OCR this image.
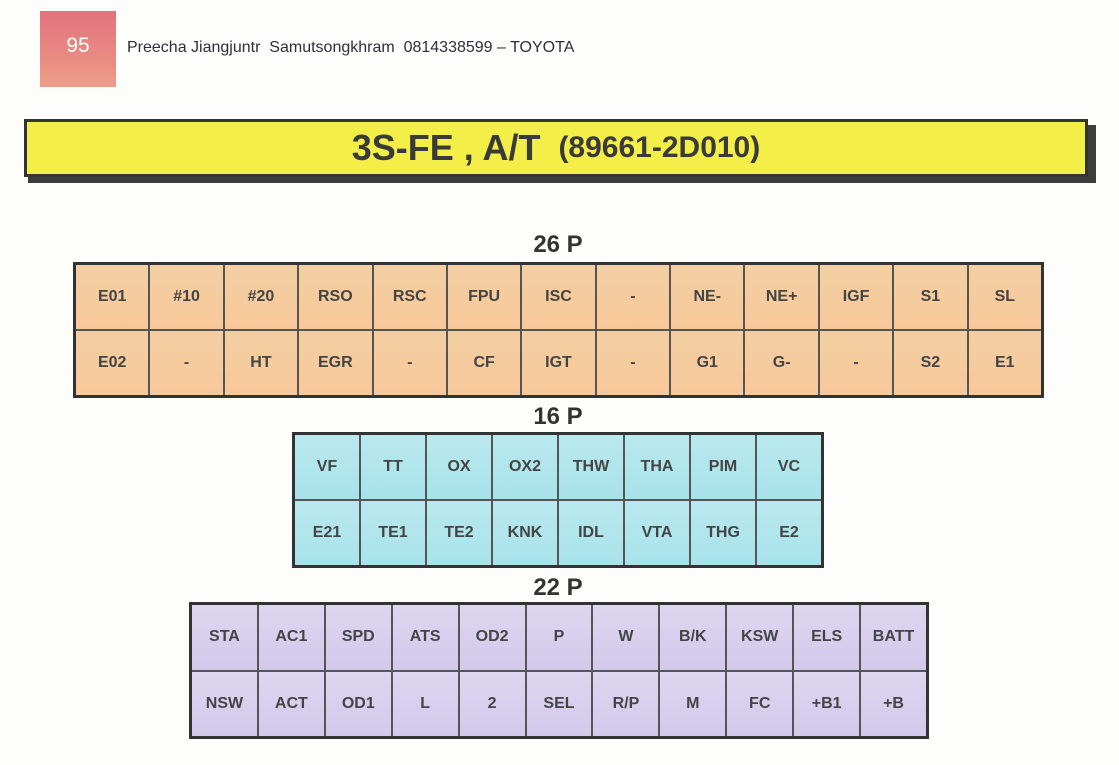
95 Preecha Jiangjuntr  Samutsongkhram  0814338599 – TOYOTA
3S-FE , A/T (89661-2D010)
26 P
E01	#10	#20	RSO	RSC	FPU	ISC	-	NE-	NE+	IGF	S1	SL
E02	-	HT	EGR	-	CF	IGT	-	G1	G-	-	S2	E1
16 P
VF	TT	OX	OX2	THW	THA	PIM	VC
E21	TE1	TE2	KNK	IDL	VTA	THG	E2
22 P
STA	AC1	SPD	ATS	OD2	P	W	B/K	KSW	ELS	BATT
NSW	ACT	OD1	L	2	SEL	R/P	M	FC	+B1	+B
